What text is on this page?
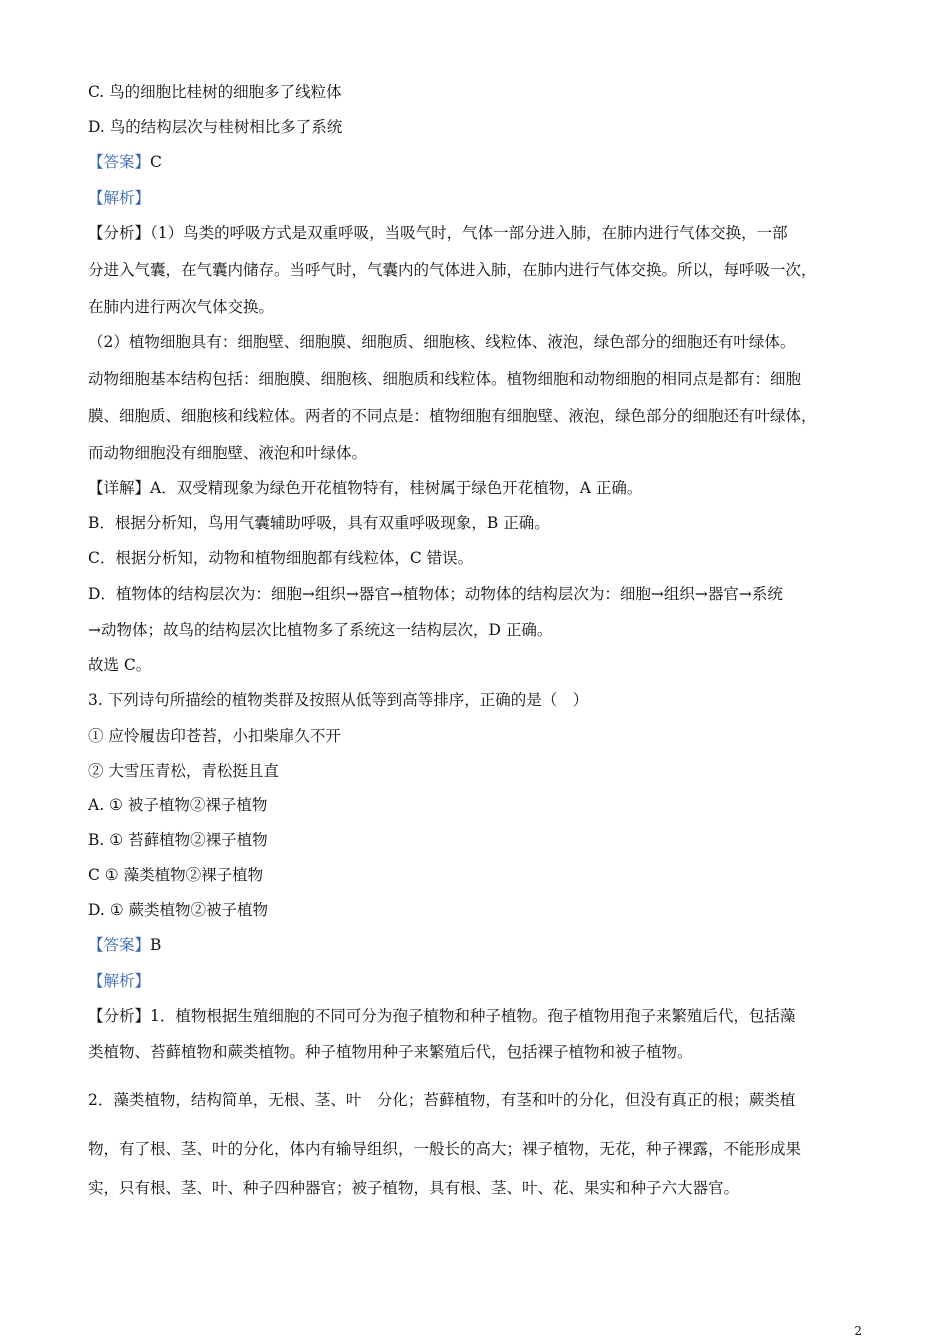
C. 鸟的细胞比桂树的细胞多了线粒体
D. 鸟的结构层次与桂树相比多了系统
【答案】C
【解析】
【分析】（1）鸟类的呼吸方式是双重呼吸，当吸气时，气体一部分进入肺，在肺内进行气体交换，一部
分进入气囊，在气囊内储存。当呼气时，气囊内的气体进入肺，在肺内进行气体交换。所以，每呼吸一次，
在肺内进行两次气体交换。
（2）植物细胞具有：细胞壁、细胞膜、细胞质、细胞核、线粒体、液泡，绿色部分的细胞还有叶绿体。
动物细胞基本结构包括：细胞膜、细胞核、细胞质和线粒体。植物细胞和动物细胞的相同点是都有：细胞
膜、细胞质、细胞核和线粒体。两者的不同点是：植物细胞有细胞壁、液泡，绿色部分的细胞还有叶绿体，
而动物细胞没有细胞壁、液泡和叶绿体。
【详解】A．双受精现象为绿色开花植物特有，桂树属于绿色开花植物，A 正确。
B．根据分析知，鸟用气囊辅助呼吸，具有双重呼吸现象，B 正确。
C．根据分析知，动物和植物细胞都有线粒体，C 错误。
D．植物体的结构层次为：细胞→组织→器官→植物体；动物体的结构层次为：细胞→组织→器官→系统
→动物体；故鸟的结构层次比植物多了系统这一结构层次，D 正确。
故选 C。
3. 下列诗句所描绘的植物类群及按照从低等到高等排序，正确的是（　）
① 应怜履齿印苍苔，小扣柴扉久不开
② 大雪压青松，青松挺且直
A. ① 被子植物②裸子植物
B. ① 苔藓植物②裸子植物
C ① 藻类植物②裸子植物
D. ① 蕨类植物②被子植物
【答案】B
【解析】
【分析】1．植物根据生殖细胞的不同可分为孢子植物和种子植物。孢子植物用孢子来繁殖后代，包括藻
类植物、苔藓植物和蕨类植物。种子植物用种子来繁殖后代，包括裸子植物和被子植物。
2．藻类植物，结构简单，无根、茎、叶　分化；苔藓植物，有茎和叶的分化，但没有真正的根；蕨类植
物，有了根、茎、叶的分化，体内有输导组织，一般长的高大；裸子植物，无花，种子裸露，不能形成果
实，只有根、茎、叶、种子四种器官；被子植物，具有根、茎、叶、花、果实和种子六大器官。
2
